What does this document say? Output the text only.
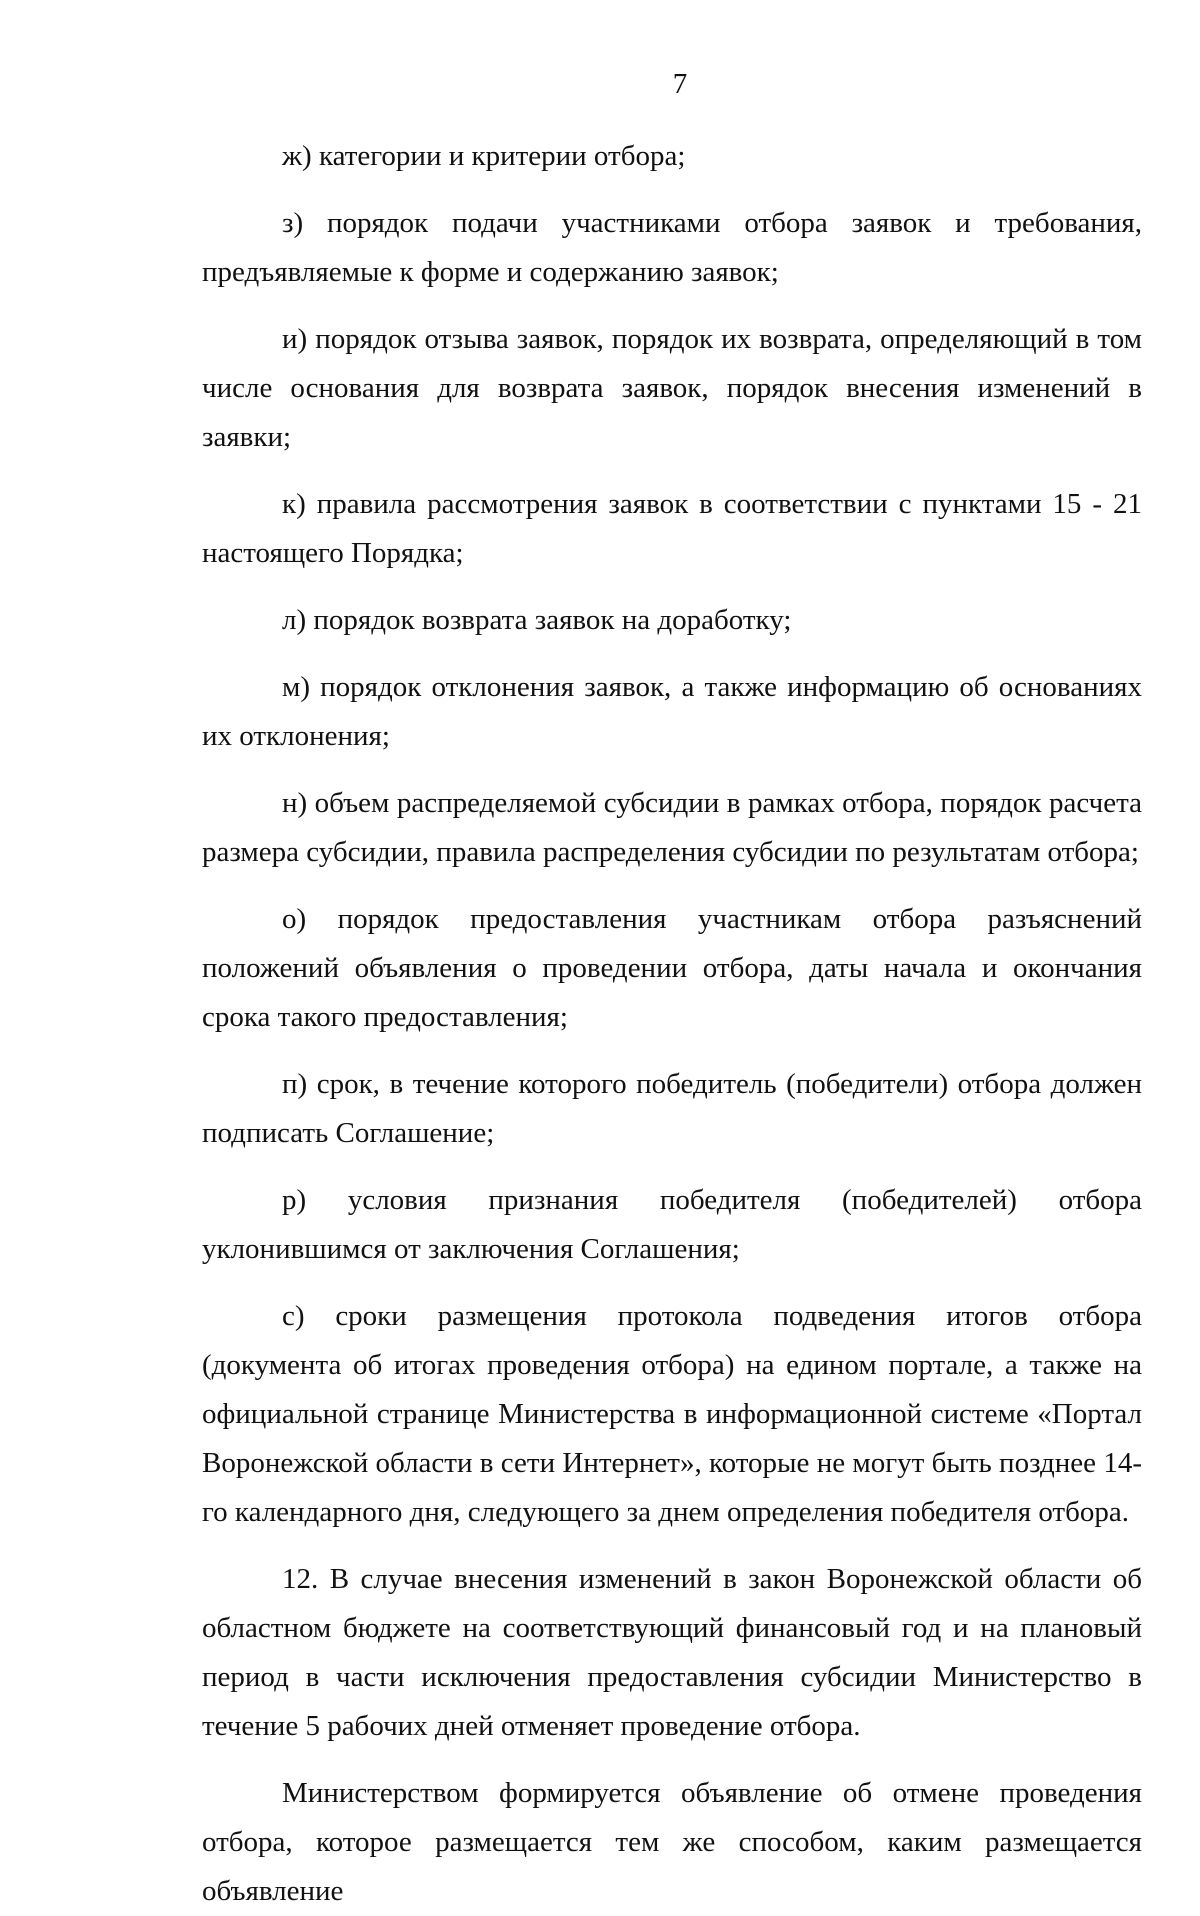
7

ж) категории и критерии отбора;

з) порядок подачи участниками отбора заявок и требования, предъявляемые к форме и содержанию заявок;

и) порядок отзыва заявок, порядок их возврата, определяющий в том числе основания для возврата заявок, порядок внесения изменений в заявки;

к) правила рассмотрения заявок в соответствии с пунктами 15 - 21 настоящего Порядка;

л) порядок возврата заявок на доработку;

м) порядок отклонения заявок, а также информацию об основаниях их отклонения;

н) объем распределяемой субсидии в рамках отбора, порядок расчета размера субсидии, правила распределения субсидии по результатам отбора;

о) порядок предоставления участникам отбора разъяснений положений объявления о проведении отбора, даты начала и окончания срока такого предоставления;

п) срок, в течение которого победитель (победители) отбора должен подписать Соглашение;

р) условия признания победителя (победителей) отбора уклонившимся от заключения Соглашения;

с) сроки размещения протокола подведения итогов отбора (документа об итогах проведения отбора) на едином портале, а также на официальной странице Министерства в информационной системе «Портал Воронежской области в сети Интернет», которые не могут быть позднее 14-го календарного дня, следующего за днем определения победителя отбора.

12. В случае внесения изменений в закон Воронежской области об областном бюджете на соответствующий финансовый год и на плановый период в части исключения предоставления субсидии Министерство в течение 5 рабочих дней отменяет проведение отбора.

Министерством формируется объявление об отмене проведения отбора, которое размещается тем же способом, каким размещается объявление
